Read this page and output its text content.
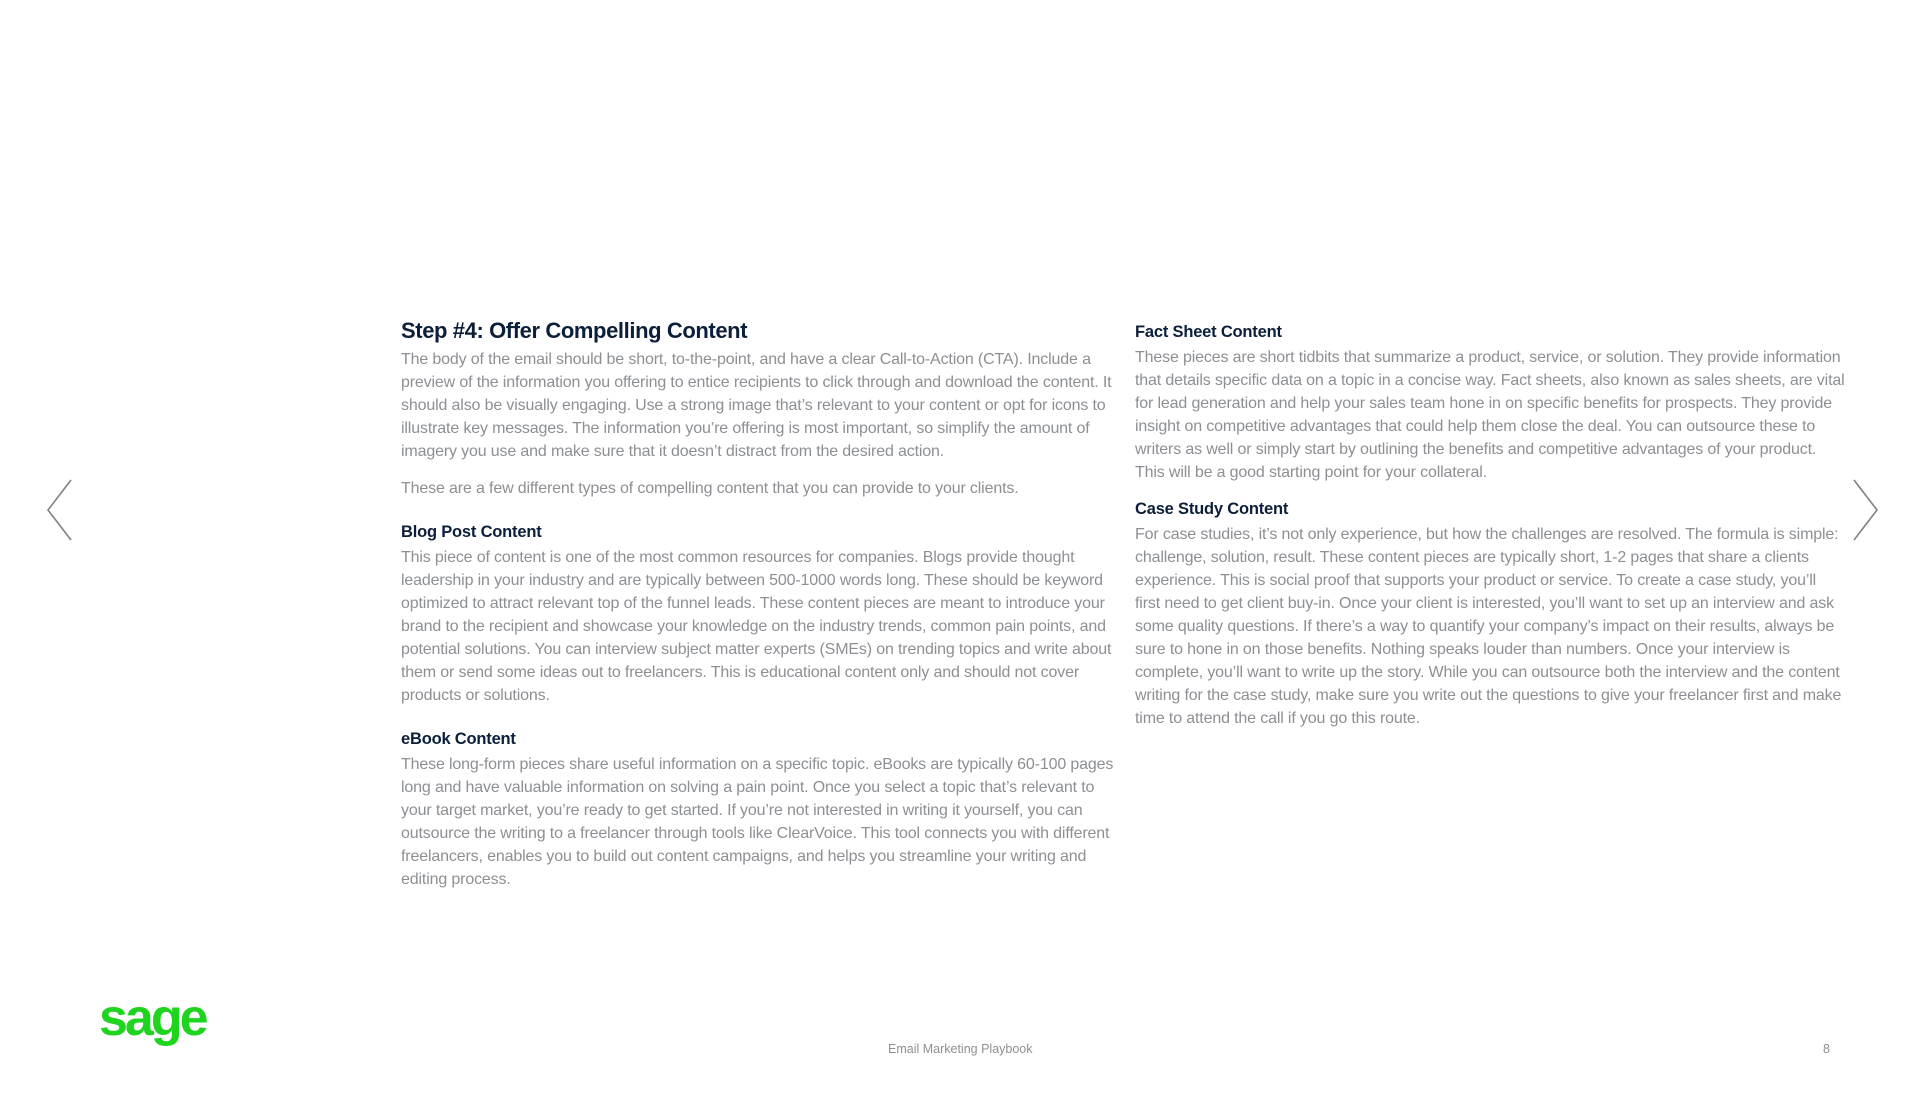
Step #4: Offer Compelling Content

The body of the email should be short, to-the-point, and have a clear Call-to-Action (CTA). Include a preview of the information you offering to entice recipients to click through and download the content. It should also be visually engaging. Use a strong image that’s relevant to your content or opt for icons to illustrate key messages. The information you’re offering is most important, so simplify the amount of imagery you use and make sure that it doesn’t distract from the desired action.

These are a few different types of compelling content that you can provide to your clients.

Blog Post Content

This piece of content is one of the most common resources for companies. Blogs provide thought leadership in your industry and are typically between 500-1000 words long. These should be keyword optimized to attract relevant top of the funnel leads. These content pieces are meant to introduce your brand to the recipient and showcase your knowledge on the industry trends, common pain points, and potential solutions. You can interview subject matter experts (SMEs) on trending topics and write about them or send some ideas out to freelancers. This is educational content only and should not cover products or solutions.

eBook Content

These long-form pieces share useful information on a specific topic. eBooks are typically 60-100 pages long and have valuable information on solving a pain point. Once you select a topic that’s relevant to your target market, you’re ready to get started. If you’re not interested in writing it yourself, you can outsource the writing to a freelancer through tools like ClearVoice. This tool connects you with different freelancers, enables you to build out content campaigns, and helps you streamline your writing and editing process.

Fact Sheet Content

These pieces are short tidbits that summarize a product, service, or solution. They provide information that details specific data on a topic in a concise way. Fact sheets, also known as sales sheets, are vital for lead generation and help your sales team hone in on specific benefits for prospects. They provide insight on competitive advantages that could help them close the deal. You can outsource these to writers as well or simply start by outlining the benefits and competitive advantages of your product. This will be a good starting point for your collateral.

Case Study Content

For case studies, it’s not only experience, but how the challenges are resolved. The formula is simple: challenge, solution, result. These content pieces are typically short, 1-2 pages that share a clients experience. This is social proof that supports your product or service. To create a case study, you’ll first need to get client buy-in. Once your client is interested, you’ll want to set up an interview and ask some quality questions. If there’s a way to quantify your company’s impact on their results, always be sure to hone in on those benefits. Nothing speaks louder than numbers. Once your interview is complete, you’ll want to write up the story. While you can outsource both the interview and the content writing for the case study, make sure you write out the questions to give your freelancer first and make time to attend the call if you go this route.

sage
Email Marketing Playbook	8
